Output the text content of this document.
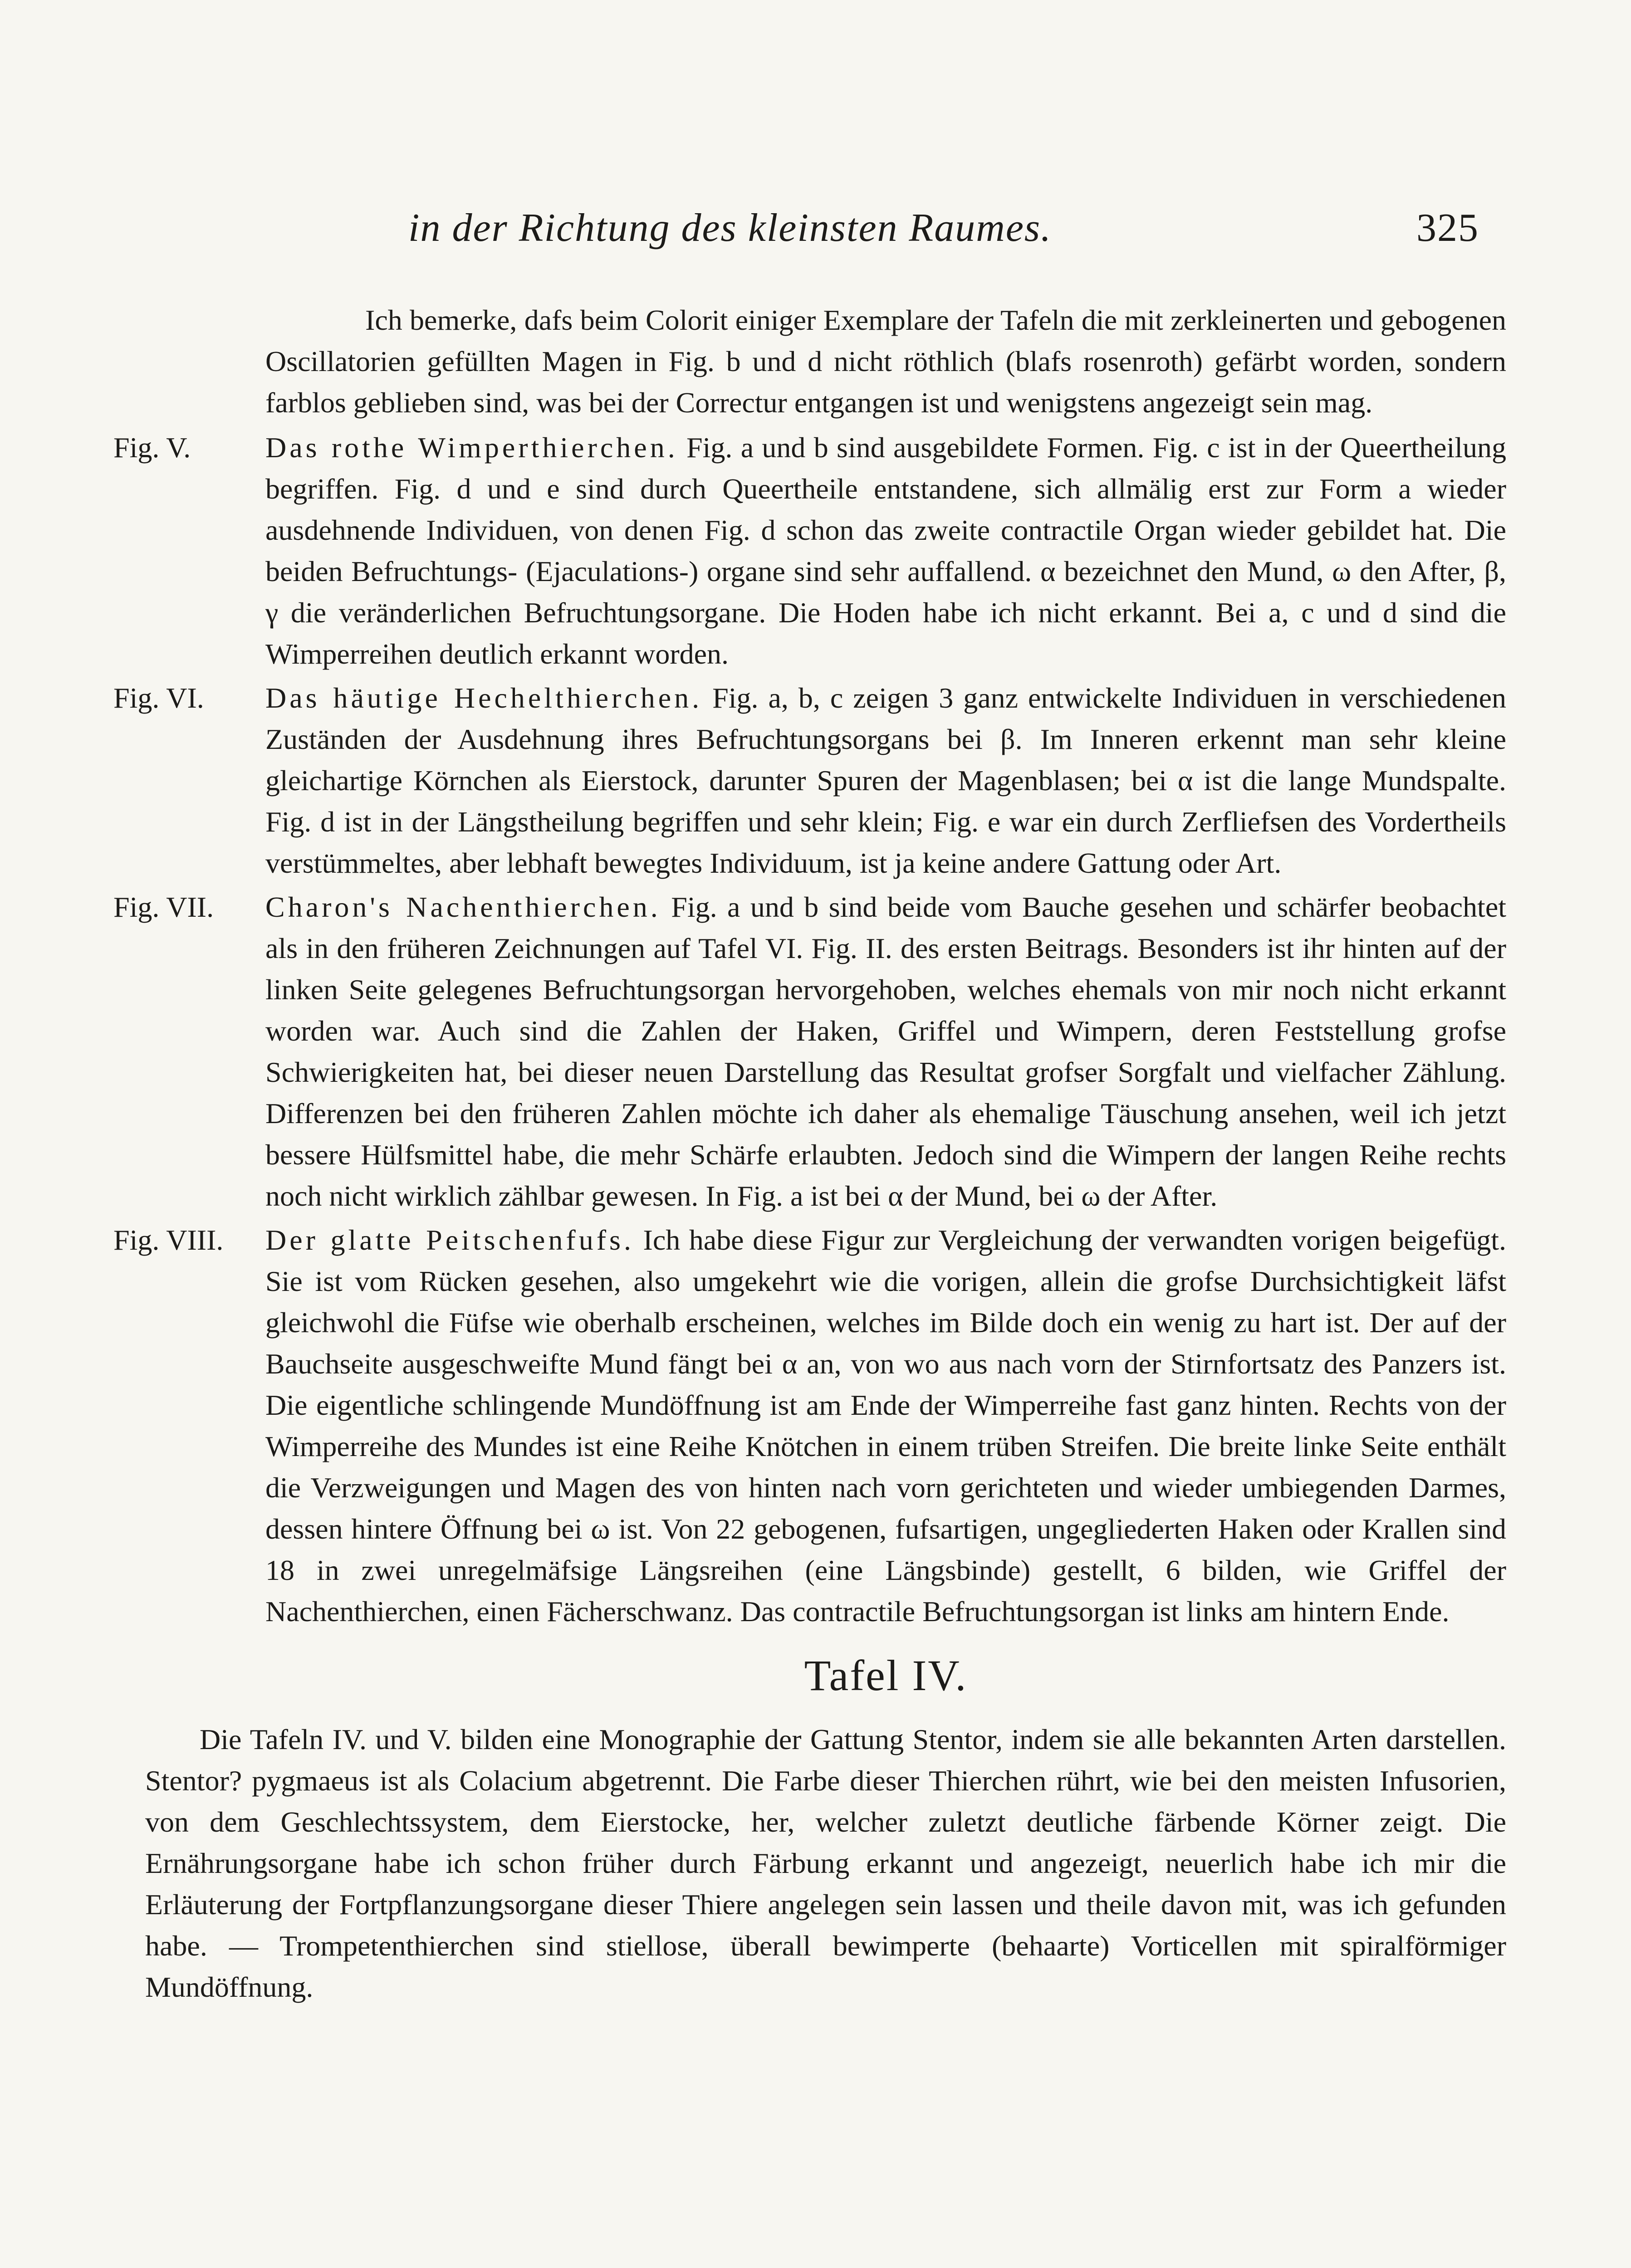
in der Richtung des kleinsten Raumes.	325

Ich bemerke, dafs beim Colorit einiger Exemplare der Tafeln die mit zerkleinerten und gebogenen Oscillatorien gefüllten Magen in Fig. b und d nicht röthlich (blafs rosenroth) gefärbt worden, sondern farblos geblieben sind, was bei der Correctur entgangen ist und wenigstens angezeigt sein mag.

Fig. V.	Das rothe Wimperthierchen. Fig. a und b sind ausgebildete Formen. Fig. c ist in der Queertheilung begriffen. Fig. d und e sind durch Queertheile entstandene, sich allmälig erst zur Form a wieder ausdehnende Individuen, von denen Fig. d schon das zweite contractile Organ wieder gebildet hat. Die beiden Befruchtungs- (Ejaculations-) organe sind sehr auffallend. α bezeichnet den Mund, ω den After, β, γ die veränderlichen Befruchtungsorgane. Die Hoden habe ich nicht erkannt. Bei a, c und d sind die Wimperreihen deutlich erkannt worden.

Fig. VI. Das häutige Hechelthierchen. Fig. a, b, c zeigen 3 ganz entwickelte Individuen in verschiedenen Zuständen der Ausdehnung ihres Befruchtungsorgans bei β. Im Inneren erkennt man sehr kleine gleichartige Körnchen als Eierstock, darunter Spuren der Magenblasen; bei α ist die lange Mundspalte. Fig. d ist in der Längstheilung begriffen und sehr klein; Fig. e war ein durch Zerfliefsen des Vordertheils verstümmeltes, aber lebhaft bewegtes Individuum, ist ja keine andere Gattung oder Art.

Fig. VII. Charon's Nachenthierchen. Fig. a und b sind beide vom Bauche gesehen und schärfer beobachtet als in den früheren Zeichnungen auf Tafel VI. Fig. II. des ersten Beitrags. Besonders ist ihr hinten auf der linken Seite gelegenes Befruchtungsorgan hervorgehoben, welches ehemals von mir noch nicht erkannt worden war. Auch sind die Zahlen der Haken, Griffel und Wimpern, deren Feststellung grofse Schwierigkeiten hat, bei dieser neuen Darstellung das Resultat grofser Sorgfalt und vielfacher Zählung. Differenzen bei den früheren Zahlen möchte ich daher als ehemalige Täuschung ansehen, weil ich jetzt bessere Hülfsmittel habe, die mehr Schärfe erlaubten. Jedoch sind die Wimpern der langen Reihe rechts noch nicht wirklich zählbar gewesen. In Fig. a ist bei α der Mund, bei ω der After.

Fig. VIII. Der glatte Peitschenfufs. Ich habe diese Figur zur Vergleichung der verwandten vorigen beigefügt. Sie ist vom Rücken gesehen, also umgekehrt wie die vorigen, allein die grofse Durchsichtigkeit läfst gleichwohl die Füfse wie oberhalb erscheinen, welches im Bilde doch ein wenig zu hart ist. Der auf der Bauchseite ausgeschweifte Mund fängt bei α an, von wo aus nach vorn der Stirnfortsatz des Panzers ist. Die eigentliche schlingende Mundöffnung ist am Ende der Wimperreihe fast ganz hinten. Rechts von der Wimperreihe des Mundes ist eine Reihe Knötchen in einem trüben Streifen. Die breite linke Seite enthält die Verzweigungen und Magen des von hinten nach vorn gerichteten und wieder umbiegenden Darmes, dessen hintere Öffnung bei ω ist. Von 22 gebogenen, fufsartigen, ungegliederten Haken oder Krallen sind 18 in zwei unregelmäfsige Längsreihen (eine Längsbinde) gestellt, 6 bilden, wie Griffel der Nachenthierchen, einen Fächerschwanz. Das contractile Befruchtungsorgan ist links am hintern Ende.

Tafel IV.

Die Tafeln IV. und V. bilden eine Monographie der Gattung Stentor, indem sie alle bekannten Arten darstellen. Stentor? pygmaeus ist als Colacium abgetrennt. Die Farbe dieser Thierchen rührt, wie bei den meisten Infusorien, von dem Geschlechtssystem, dem Eierstocke, her, welcher zuletzt deutliche färbende Körner zeigt. Die Ernährungsorgane habe ich schon früher durch Färbung erkannt und angezeigt, neuerlich habe ich mir die Erläuterung der Fortpflanzungsorgane dieser Thiere angelegen sein lassen und theile davon mit, was ich gefunden habe. — Trompetenthierchen sind stiellose, überall bewimperte (behaarte) Vorticellen mit spiralförmiger Mundöffnung.
